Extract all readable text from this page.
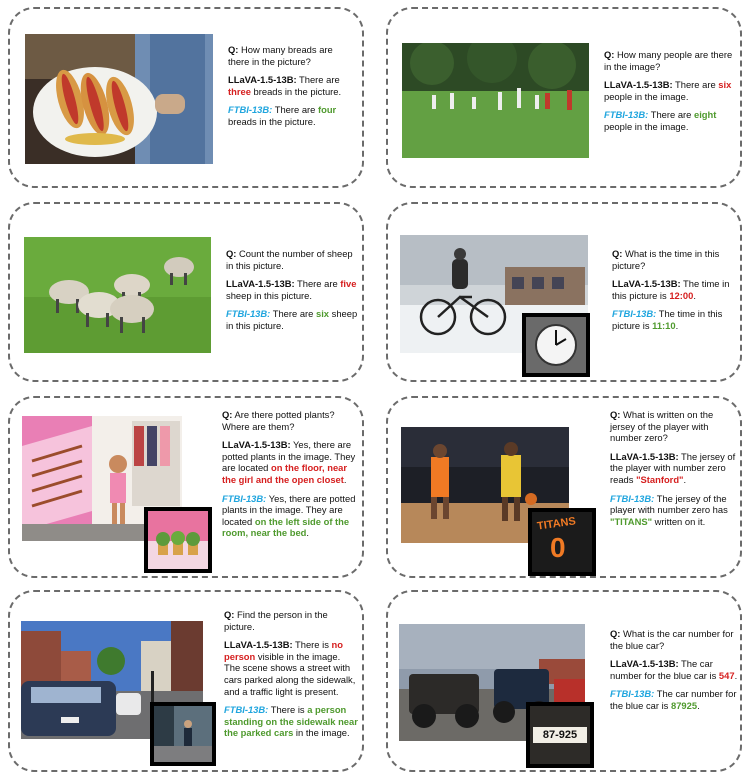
Q: How many breads are there in the picture?

LLaVA-1.5-13B: There are three breads in the picture.

FTBI-13B: There are four breads in the picture.

Q: How many people are there in the image?

LLaVA-1.5-13B: There are six people in the image.

FTBI-13B: There are eight people in the image.

Q: Count the number of sheep in this picture.

LLaVA-1.5-13B: There are five sheep in this picture.

FTBI-13B: There are six sheep in this picture.

Q: What is the time in this picture?

LLaVA-1.5-13B: The time in this picture is 12:00.

FTBI-13B: The time in this picture is 11:10.

Q: Are there potted plants? Where are them?

LLaVA-1.5-13B: Yes, there are potted plants in the image. They are located on the floor, near the girl and the open closet.

FTBI-13B: Yes, there are potted plants in the image. They are located on the left side of the room, near the bed.

TITANS
0

Q: What is written on the jersey of the player with number zero?

LLaVA-1.5-13B: The jersey of the player with number zero reads "Stanford".

FTBI-13B: The jersey of the player with number zero has "TITANS" written on it.

Q: Find the person in the picture.

LLaVA-1.5-13B: There is no person visible in the image. The scene shows a street with cars parked along the sidewalk, and a traffic light is present.

FTBI-13B: There is a person standing on the sidewalk near the parked cars in the image.	87-925

Q: What is the car number for the blue car?

LLaVA-1.5-13B: The car number for the blue car is 547.

FTBI-13B: The car number for the blue car is 87925.
